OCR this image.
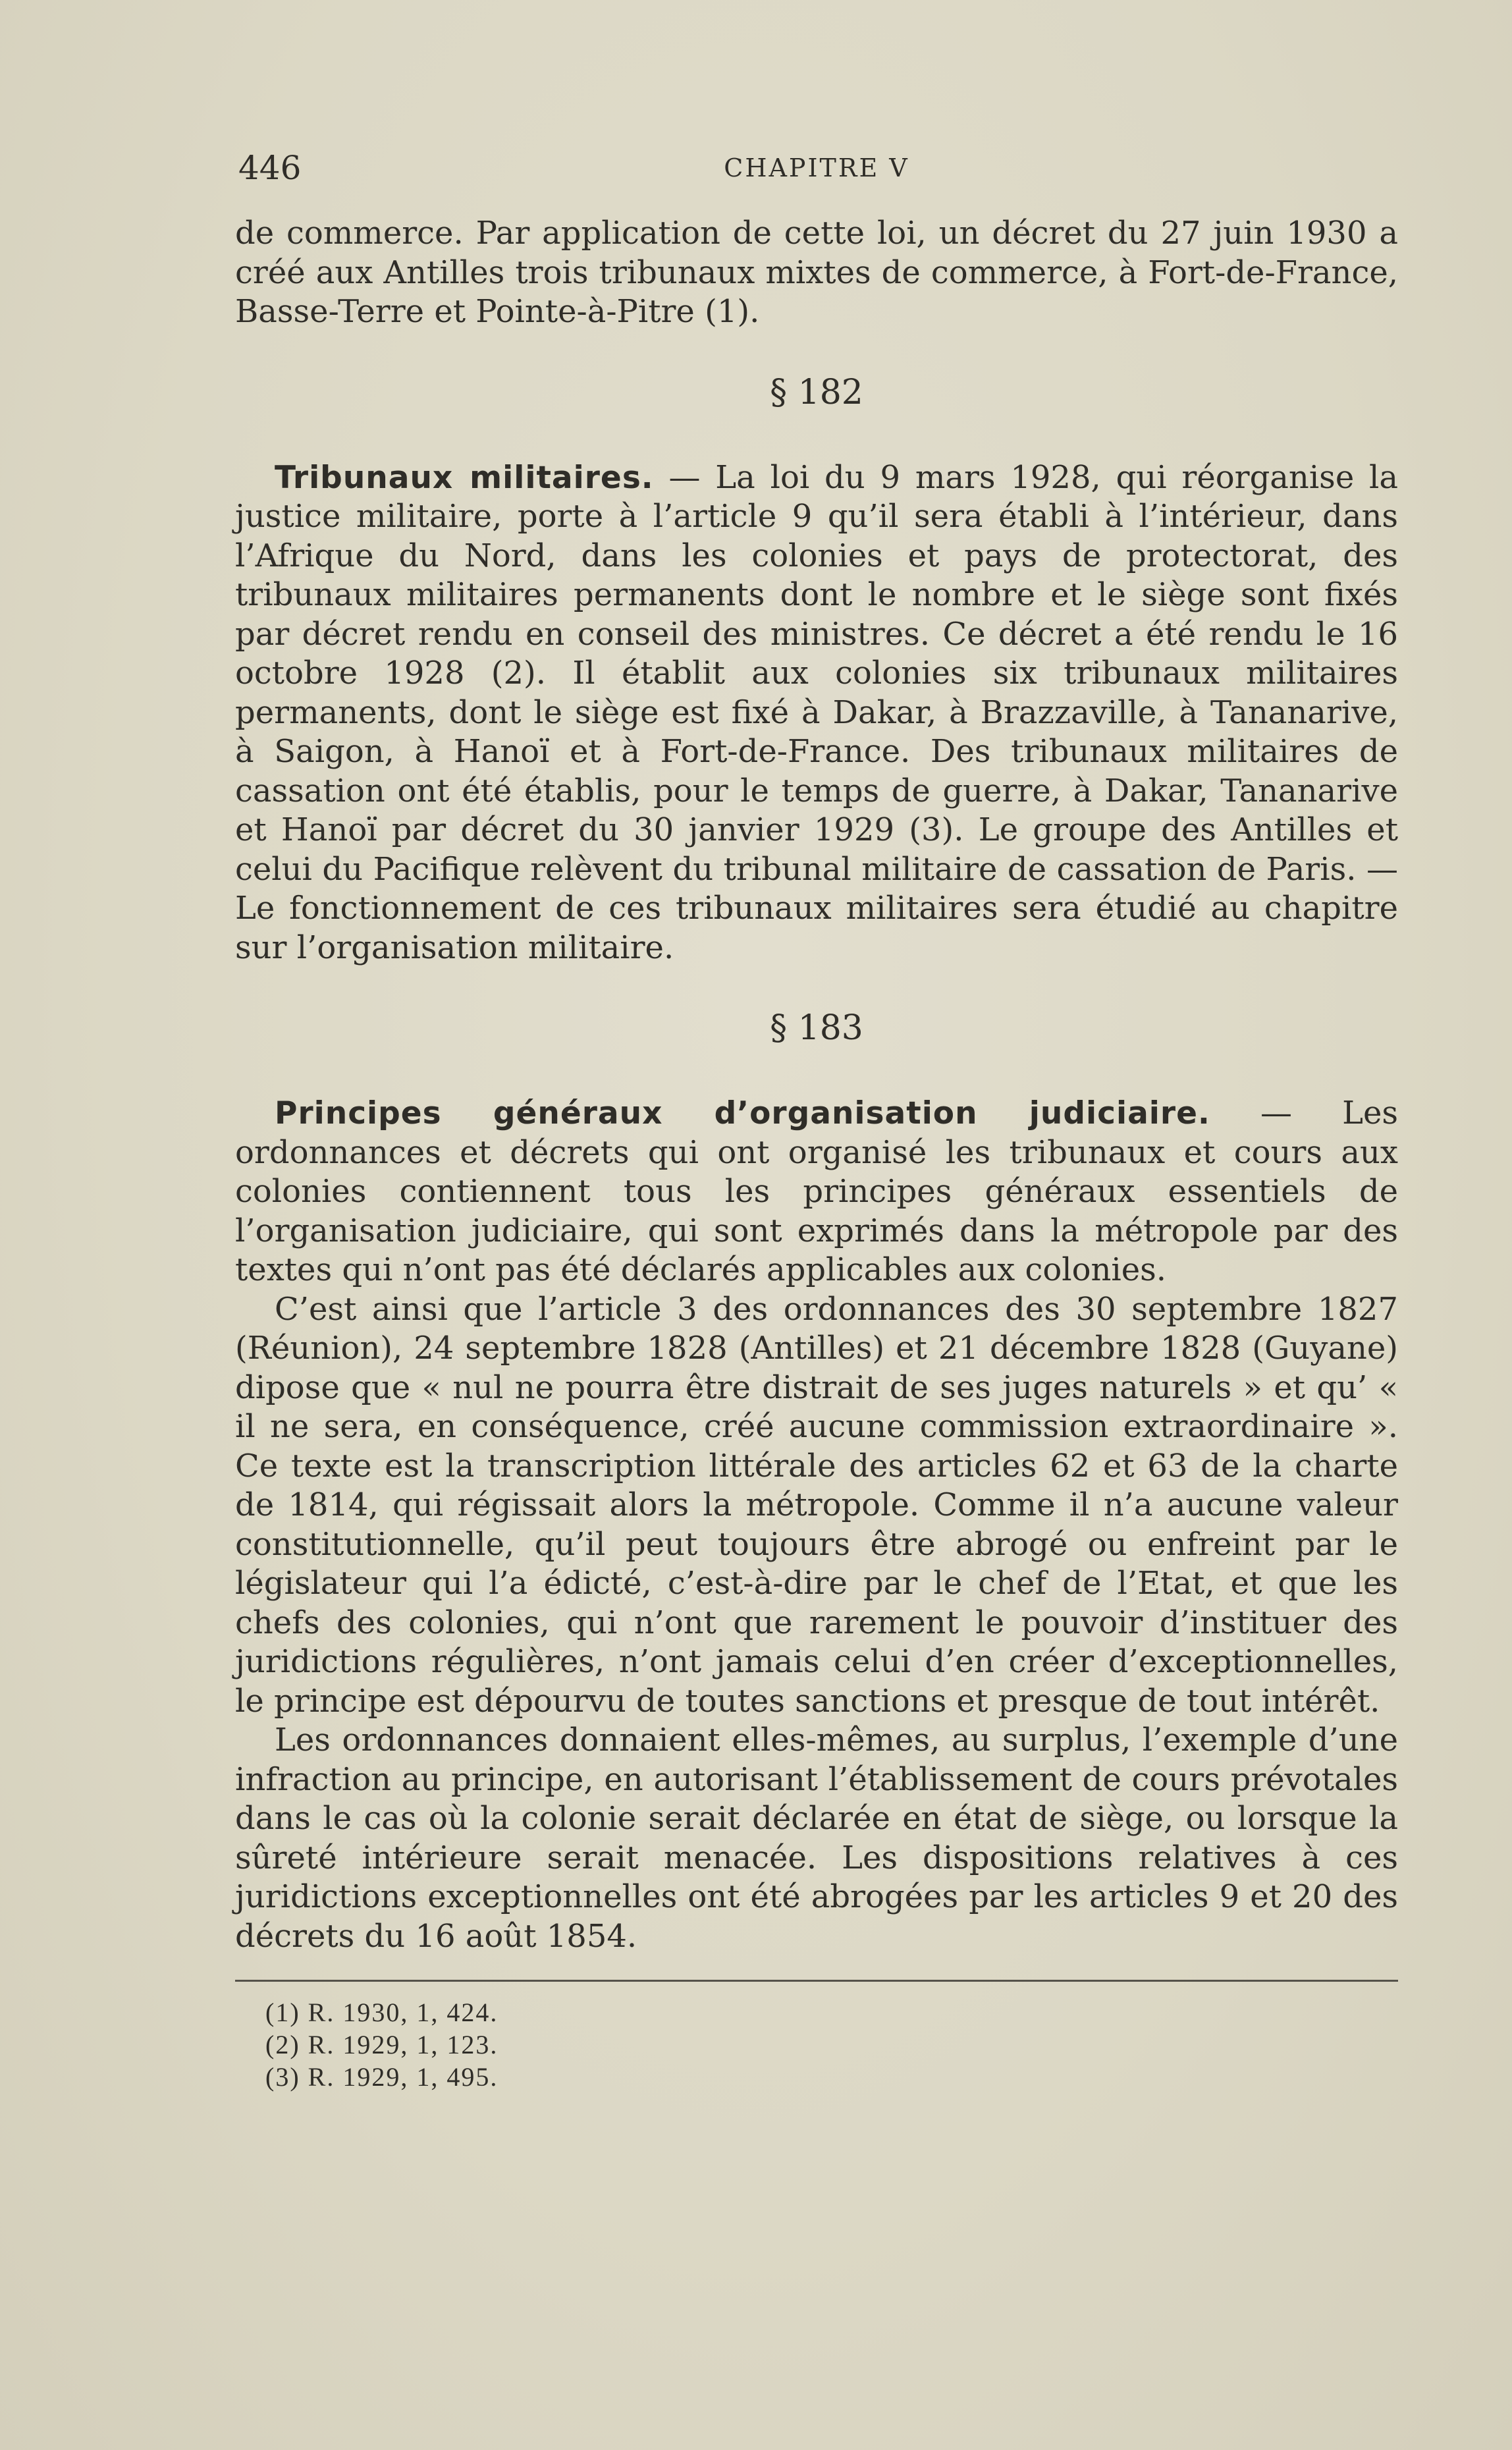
446	CHAPITRE V

de commerce. Par application de cette loi, un décret du 27 juin 1930 a créé aux Antilles trois tribunaux mixtes de commerce, à Fort-de-France, Basse-Terre et Pointe-à-Pitre (1).

§ 182

Tribunaux militaires. — La loi du 9 mars 1928, qui réorganise la justice militaire, porte à l’article 9 qu’il sera établi à l’intérieur, dans l’Afrique du Nord, dans les colonies et pays de protectorat, des tribunaux militaires permanents dont le nombre et le siège sont fixés par décret rendu en conseil des ministres. Ce décret a été rendu le 16 octobre 1928 (2). Il établit aux colonies six tribunaux militaires permanents, dont le siège est fixé à Dakar, à Brazzaville, à Tananarive, à Saigon, à Hanoï et à Fort-de-France. Des tribunaux militaires de cassation ont été établis, pour le temps de guerre, à Dakar, Tananarive et Hanoï par décret du 30 janvier 1929 (3). Le groupe des Antilles et celui du Pacifique relèvent du tribunal militaire de cassation de Paris. — Le fonctionnement de ces tribunaux militaires sera étudié au chapitre sur l’organisation militaire.

§ 183

Principes généraux d’organisation judiciaire. — Les ordonnances et décrets qui ont organisé les tribunaux et cours aux colonies contiennent tous les principes généraux essentiels de l’organisation judiciaire, qui sont exprimés dans la métropole par des textes qui n’ont pas été déclarés applicables aux colonies.

C’est ainsi que l’article 3 des ordonnances des 30 septembre 1827 (Réunion), 24 septembre 1828 (Antilles) et 21 décembre 1828 (Guyane) dipose que « nul ne pourra être distrait de ses juges naturels » et qu’ « il ne sera, en conséquence, créé aucune commission extraordinaire ». Ce texte est la transcription littérale des articles 62 et 63 de la charte de 1814, qui régissait alors la métropole. Comme il n’a aucune valeur constitutionnelle, qu’il peut toujours être abrogé ou enfreint par le législateur qui l’a édicté, c’est-à-dire par le chef de l’Etat, et que les chefs des colonies, qui n’ont que rarement le pouvoir d’instituer des juridictions régulières, n’ont jamais celui d’en créer d’exceptionnelles, le principe est dépourvu de toutes sanctions et presque de tout intérêt.

Les ordonnances donnaient elles-mêmes, au surplus, l’exemple d’une infraction au principe, en autorisant l’établissement de cours prévotales dans le cas où la colonie serait déclarée en état de siège, ou lorsque la sûreté intérieure serait menacée. Les dispositions relatives à ces juridictions exceptionnelles ont été abrogées par les articles 9 et 20 des décrets du 16 août 1854.

(1) R. 1930, 1, 424.
(2) R. 1929, 1, 123.
(3) R. 1929, 1, 495.
